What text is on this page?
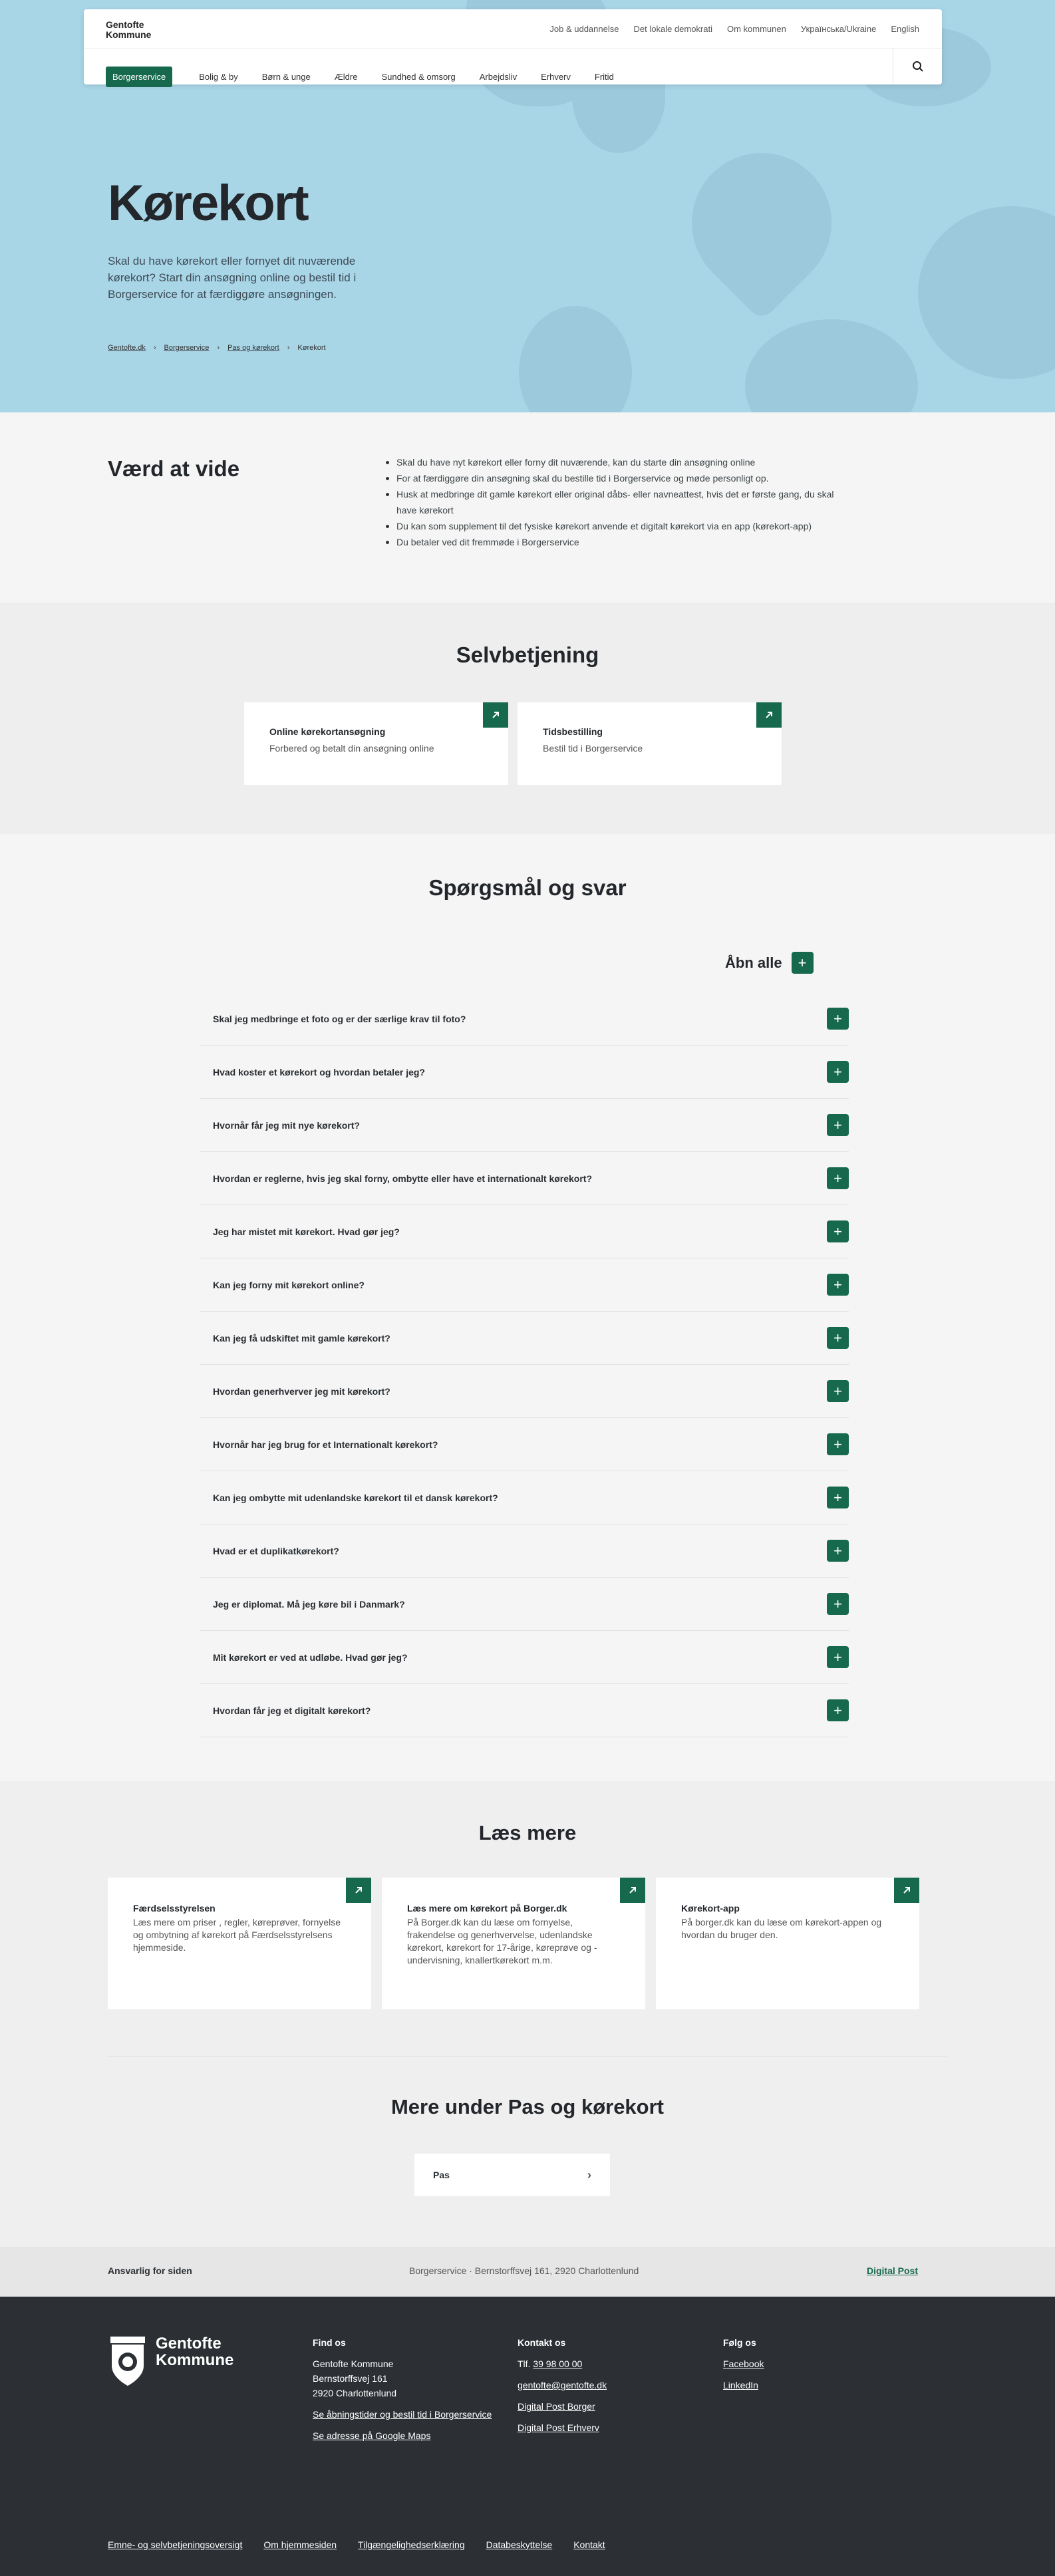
Gentofte
Kommune
Job & uddannelse Det lokale demokrati Om kommunen Українська/Ukraine English
Borgerservice	Bolig & by	Børn & unge	Ældre	Sundhed & omsorg	Arbejdsliv	Erhverv	Fritid
Kørekort

Skal du have kørekort eller fornyet dit nuværende kørekort? Start din ansøgning online og bestil tid i Borgerservice for at færdiggøre ansøgningen.

Gentofte.dk › Borgerservice › Pas og kørekort › Kørekort
Værd at vide	Skal du have nyt kørekort eller forny dit nuværende, kan du starte din ansøgning online
For at færdiggøre din ansøgning skal du bestille tid i Borgerservice og møde personligt op.
Husk at medbringe dit gamle kørekort eller original dåbs- eller navneattest, hvis det er første gang, du skal have kørekort
Du kan som supplement til det fysiske kørekort anvende et digitalt kørekort via en app (kørekort-app)
Du betaler ved dit fremmøde i Borgerservice
Selvbetjening
Online kørekortansøgning
Forbered og betalt din ansøgning online
Tidsbestilling
Bestil tid i Borgerservice
Spørgsmål og svar
Åbn alle	+
Skal jeg medbringe et foto og er der særlige krav til foto?	+
Hvad koster et kørekort og hvordan betaler jeg?	+
Hvornår får jeg mit nye kørekort?	+
Hvordan er reglerne, hvis jeg skal forny, ombytte eller have et internationalt kørekort?	+
Jeg har mistet mit kørekort. Hvad gør jeg?	+
Kan jeg forny mit kørekort online?	+
Kan jeg få udskiftet mit gamle kørekort?	+
Hvordan generhverver jeg mit kørekort?	+
Hvornår har jeg brug for et Internationalt kørekort?	+
Kan jeg ombytte mit udenlandske kørekort til et dansk kørekort?	+
Hvad er et duplikatkørekort?	+
Jeg er diplomat. Må jeg køre bil i Danmark?	+
Mit kørekort er ved at udløbe. Hvad gør jeg?	+
Hvordan får jeg et digitalt kørekort?	+
Læs mere
Færdselsstyrelsen
Læs mere om priser , regler, køreprøver, fornyelse og ombytning af kørekort på Færdselsstyrelsens hjemmeside.
Læs mere om kørekort på Borger.dk
På Borger.dk kan du læse om fornyelse, frakendelse og generhvervelse, udenlandske kørekort, kørekort for 17-årige, køreprøve og -undervisning, knallertkørekort m.m.
Kørekort-app
På borger.dk kan du læse om kørekort-appen og hvordan du bruger den.
Mere under Pas og kørekort
Pas	›
Ansvarlig for siden	Borgerservice · Bernstorffsvej 161, 2920 Charlottenlund	Digital Post
Gentofte
Kommune
Find os
Gentofte Kommune
Bernstorffsvej 161
2920 Charlottenlund
Se åbningstider og bestil tid i Borgerservice
Se adresse på Google Maps
Kontakt os
Tlf. 39 98 00 00
gentofte@gentofte.dk
Digital Post Borger
Digital Post Erhverv
Følg os
Facebook
LinkedIn
Emne- og selvbetjeningsoversigt Om hjemmesiden Tilgængelighedserklæring Databeskyttelse Kontakt
